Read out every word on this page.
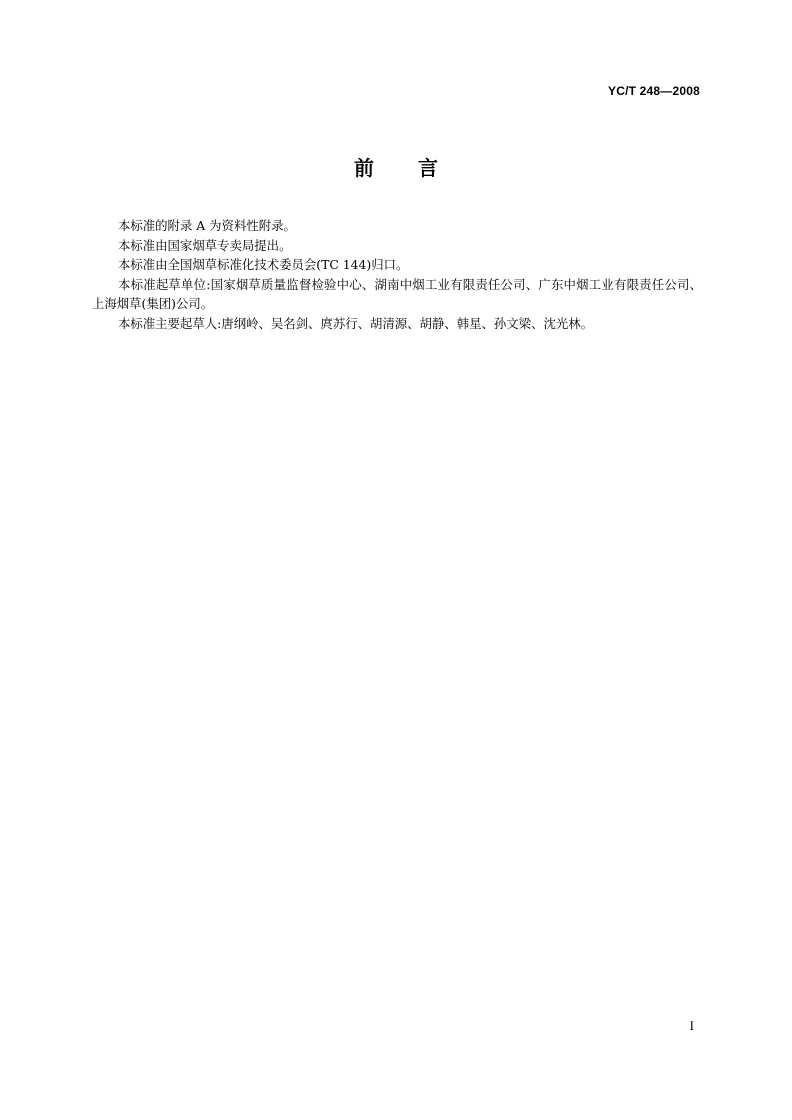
YC/T 248—2008
前 言

本标准的附录 A 为资料性附录。

本标准由国家烟草专卖局提出。

本标准由全国烟草标准化技术委员会(TC 144)归口。

本标准起草单位:国家烟草质量监督检验中心、湖南中烟工业有限责任公司、广东中烟工业有限责任公司、上海烟草(集团)公司。

本标准主要起草人:唐纲岭、吴名剑、庹苏行、胡清源、胡静、韩星、孙文梁、沈光林。

I
